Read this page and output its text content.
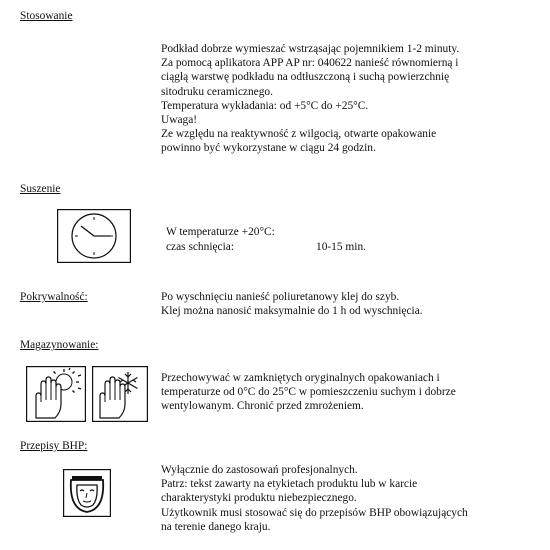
Stosowanie
Podkład dobrze wymieszać wstrząsając pojemnikiem 1-2 minuty.
Za pomocą aplikatora APP AP nr: 040622 nanieść równomierną i
ciągłą warstwę podkładu na odtłuszczoną i suchą powierzchnię
sitodruku ceramicznego.
Temperatura wykładania: od +5°C do +25°C.
Uwaga!
Ze względu na reaktywność z wilgocią, otwarte opakowanie
powinno być wykorzystane w ciągu 24 godzin.
Suszenie
W temperaturze +20°C:
czas schnięcia:	10-15 min.
Pokrywalność:	Po wyschnięciu nanieść poliuretanowy klej do szyb.
Klej można nanosić maksymalnie do 1 h od wyschnięcia.
Magazynowanie:
Przechowywać w zamkniętych oryginalnych opakowaniach i
temperaturze od 0°C do 25°C w pomieszczeniu suchym i dobrze
wentylowanym. Chronić przed zmrożeniem.
Przepisy BHP:
Wyłącznie do zastosowań profesjonalnych.
Patrz: tekst zawarty na etykietach produktu lub w karcie
charakterystyki produktu niebezpiecznego.
Użytkownik musi stosować się do przepisów BHP obowiązujących
na terenie danego kraju.
